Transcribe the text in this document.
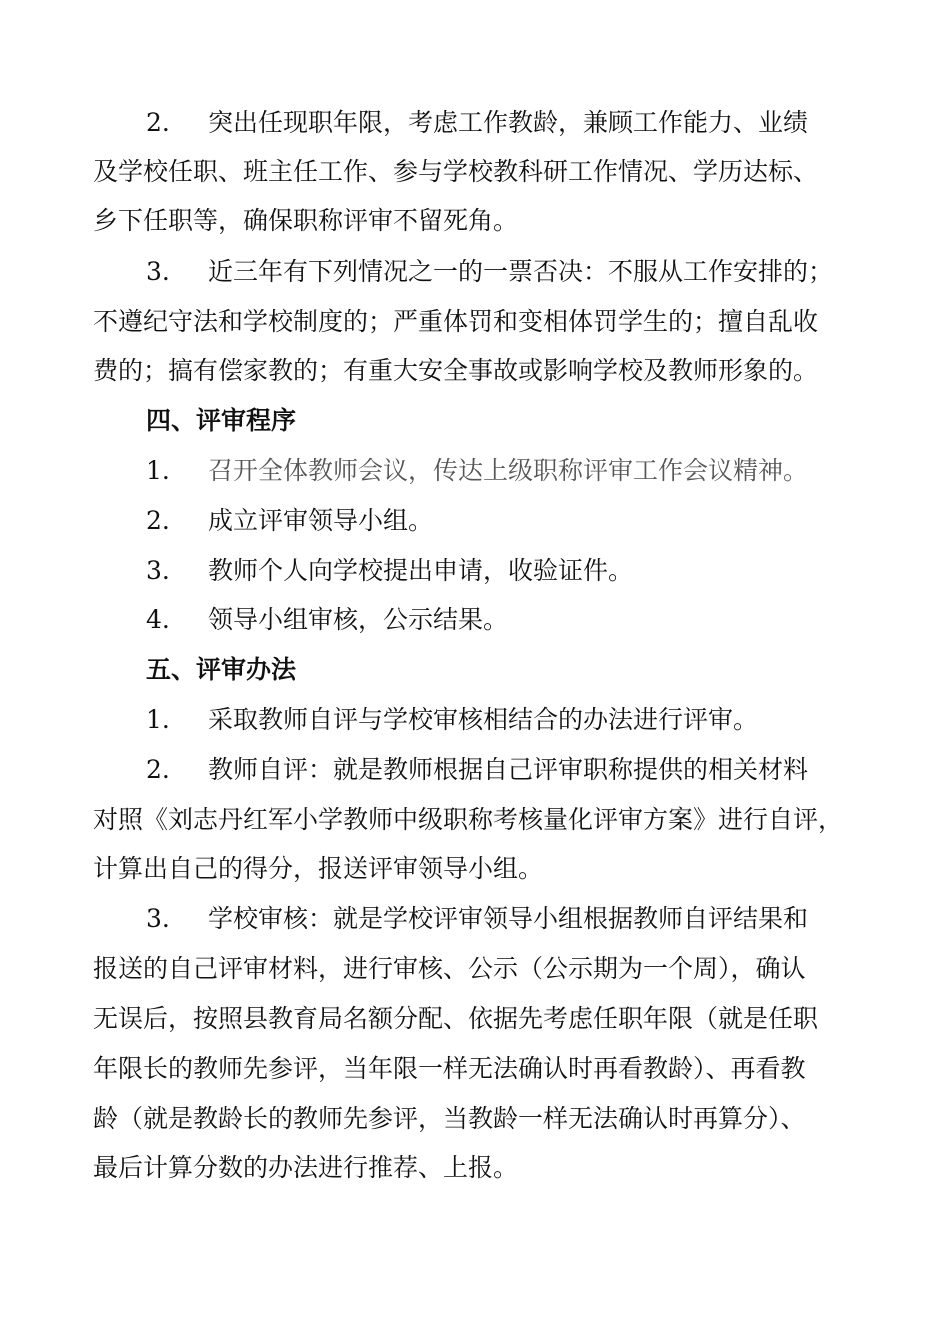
2. 突出任现职年限，考虑工作教龄，兼顾工作能力、业绩
及学校任职、班主任工作、参与学校教科研工作情况、学历达标、
乡下任职等，确保职称评审不留死角。
3. 近三年有下列情况之一的一票否决：不服从工作安排的；
不遵纪守法和学校制度的；严重体罚和变相体罚学生的；擅自乱收
费的；搞有偿家教的；有重大安全事故或影响学校及教师形象的。
四、评审程序
1. 召开全体教师会议，传达上级职称评审工作会议精神。
2. 成立评审领导小组。
3. 教师个人向学校提出申请，收验证件。
4. 领导小组审核，公示结果。
五、评审办法
1. 采取教师自评与学校审核相结合的办法进行评审。
2. 教师自评：就是教师根据自己评审职称提供的相关材料
对照《刘志丹红军小学教师中级职称考核量化评审方案》进行自评，
计算出自己的得分，报送评审领导小组。
3. 学校审核：就是学校评审领导小组根据教师自评结果和
报送的自己评审材料，进行审核、公示（公示期为一个周），确认
无误后，按照县教育局名额分配、依据先考虑任职年限（就是任职
年限长的教师先参评，当年限一样无法确认时再看教龄）、再看教
龄（就是教龄长的教师先参评，当教龄一样无法确认时再算分）、
最后计算分数的办法进行推荐、上报。
